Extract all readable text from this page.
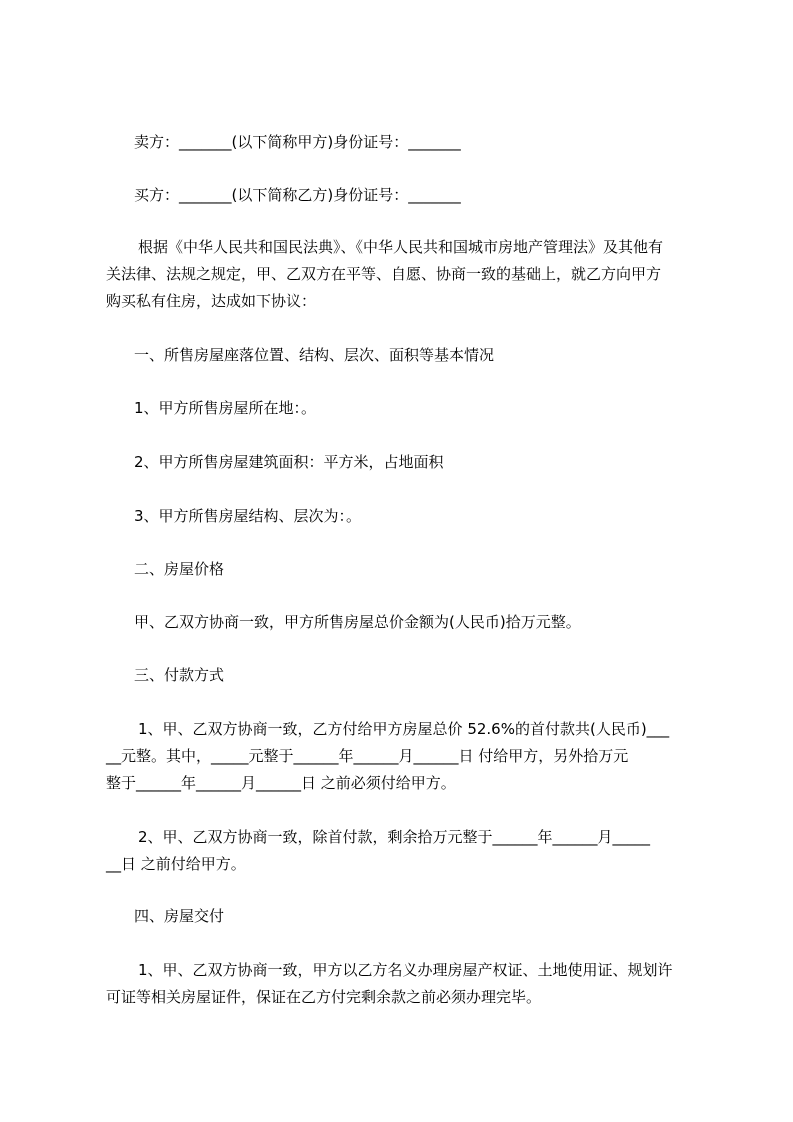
卖方：_______(以下简称甲方)身份证号：_______
买方：_______(以下简称乙方)身份证号：_______
根据《中华人民共和国民法典》、《中华人民共和国城市房地产管理法》及其他有
关法律、法规之规定，甲、乙双方在平等、自愿、协商一致的基础上，就乙方向甲方
购买私有住房，达成如下协议：
一、所售房屋座落位置、结构、层次、面积等基本情况
1、甲方所售房屋所在地：。
2、甲方所售房屋建筑面积：平方米，占地面积
3、甲方所售房屋结构、层次为：。
二、房屋价格
甲、乙双方协商一致，甲方所售房屋总价金额为(人民币)拾万元整。
三、付款方式
1、甲、乙双方协商一致，乙方付给甲方房屋总价 52.6%的首付款共(人民币)___
__元整。其中，_____元整于______年______月______日 付给甲方，另外拾万元
整于______年______月______日 之前必须付给甲方。
2、甲、乙双方协商一致，除首付款，剩余拾万元整于______年______月_____
__日 之前付给甲方。
四、房屋交付
1、甲、乙双方协商一致，甲方以乙方名义办理房屋产权证、土地使用证、规划许
可证等相关房屋证件，保证在乙方付完剩余款之前必须办理完毕。
